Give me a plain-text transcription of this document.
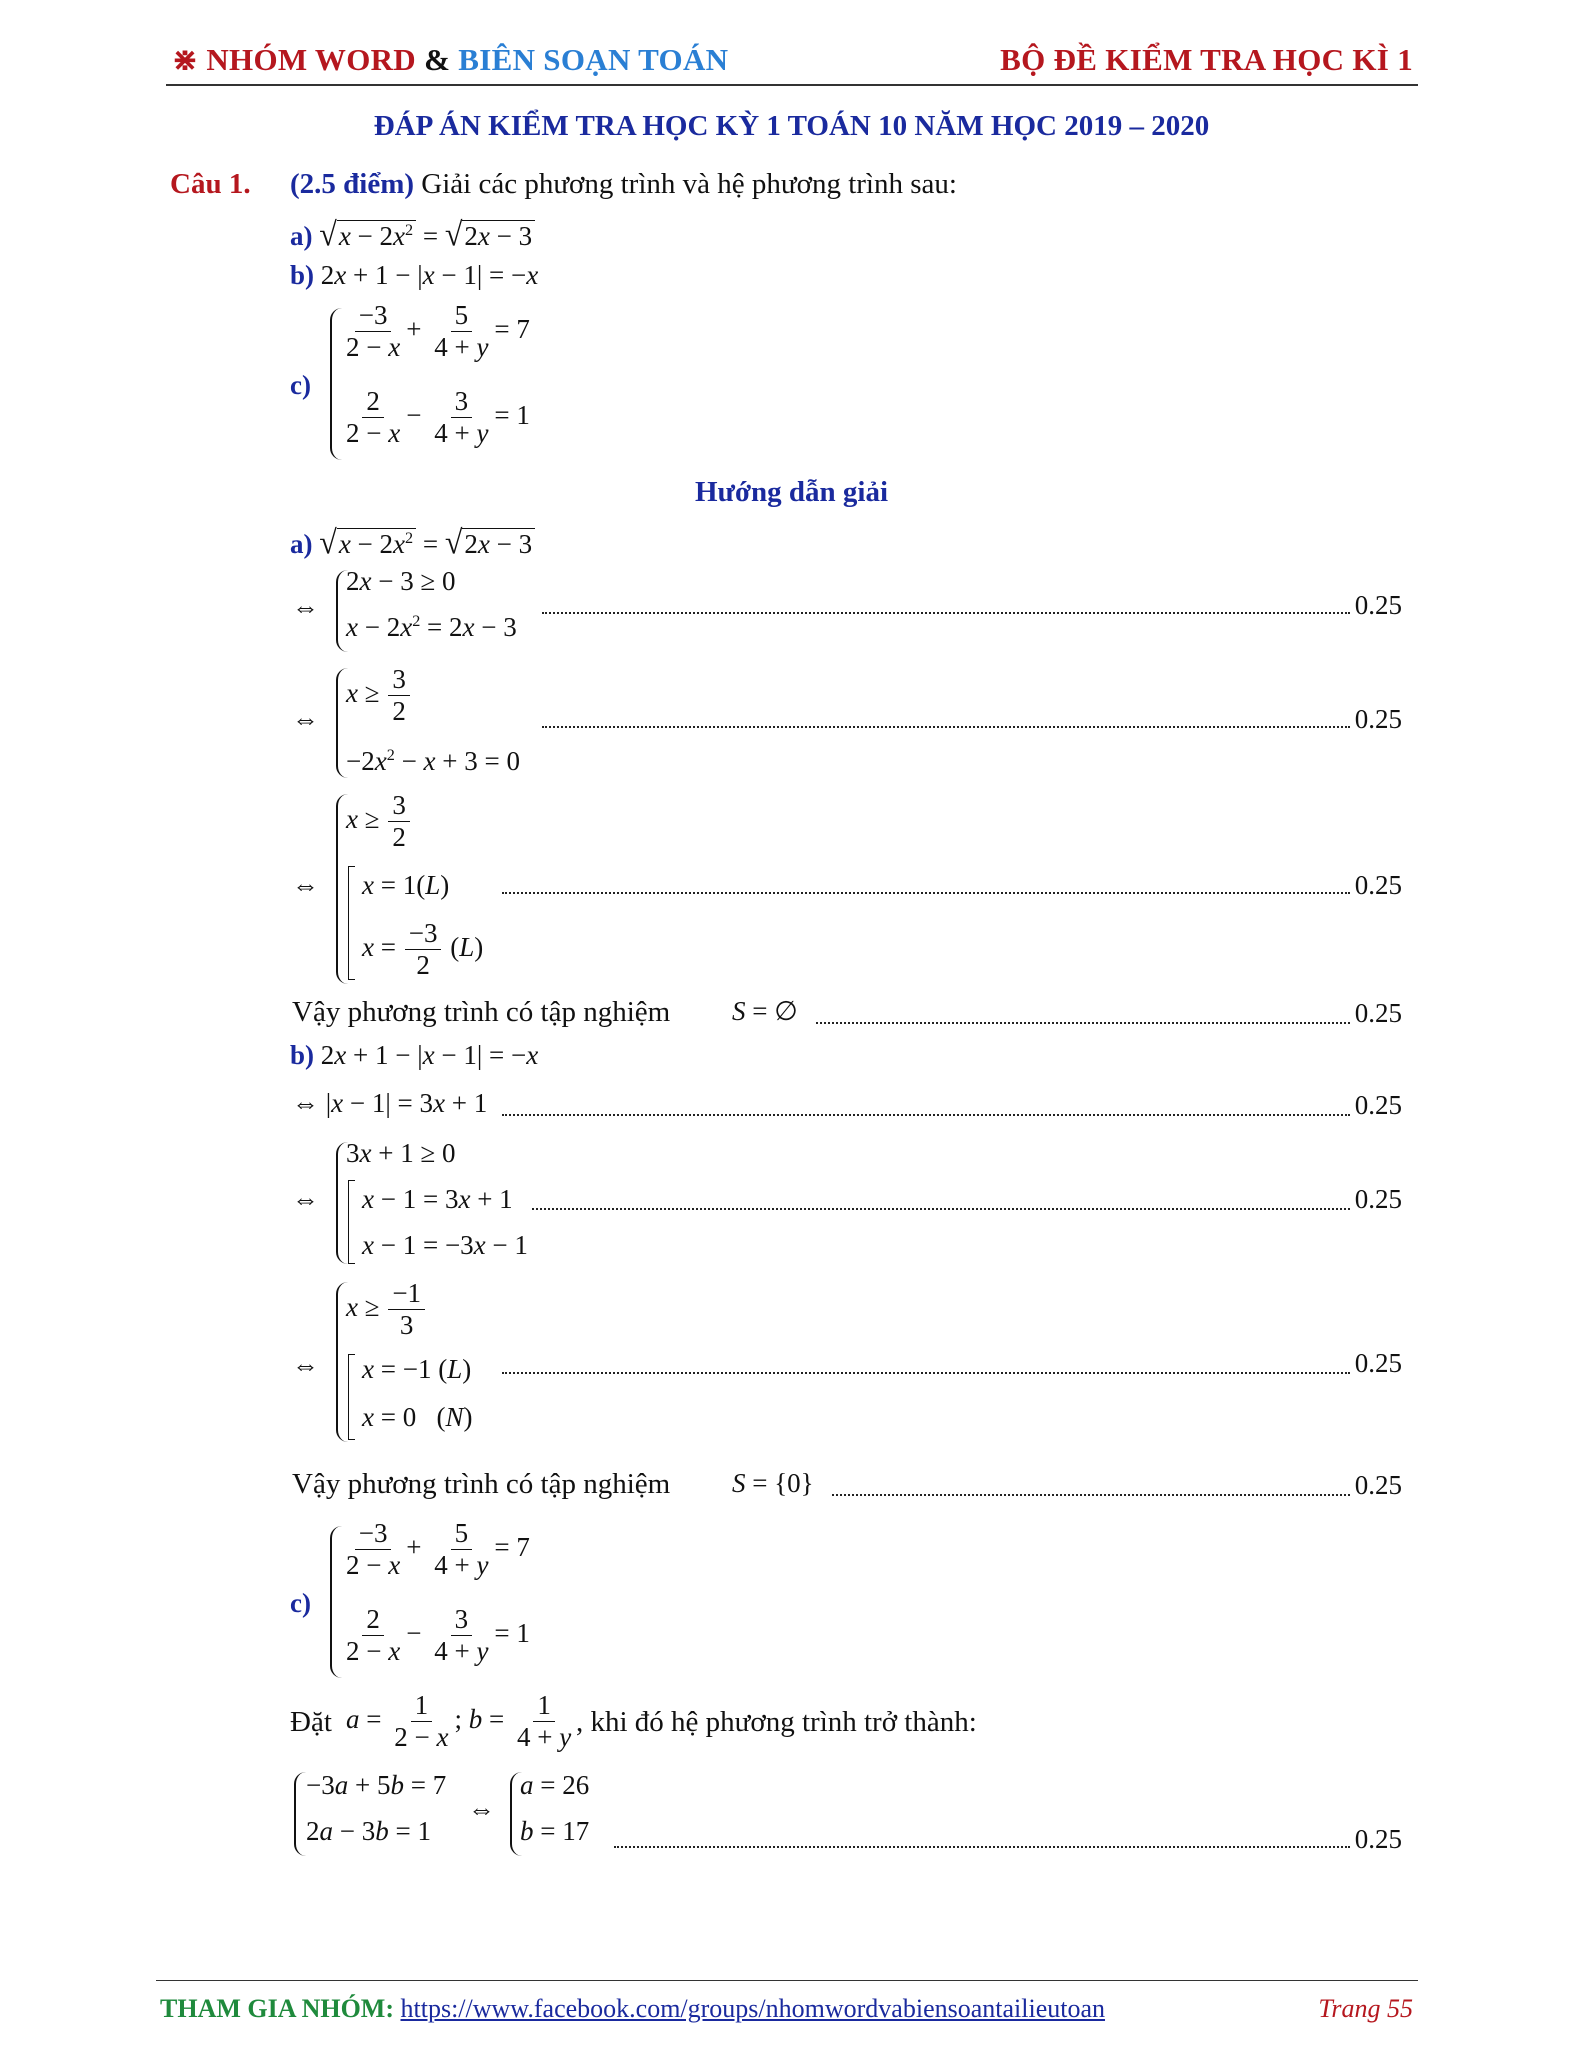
⋇ NHÓM WORD & BIÊN SOẠN TOÁN	BỘ ĐỀ KIỂM TRA HỌC KÌ 1
ĐÁP ÁN KIỂM TRA HỌC KỲ 1 TOÁN 10 NĂM HỌC 2019 – 2020
Câu 1. (2.5 điểm) Giải các phương trình và hệ phương trình sau:
a) $√x - 2x^2 = √2x - 3$
b) 2x + 1 − |x − 1| = −x
c)
$\frac{-3}{2 - x} + \frac{5}{4 + y} = 7$
$\frac{2}{2 - x} - \frac{3}{4 + y} = 1$
Hướng dẫn giải
a) $√x - 2x^2 = √2x - 3$
⇔
2x − 3 ≥ 0
$x - 2x^2 = 2x - 3$
0.25
⇔
$x \ge \frac{3}{2}$
$-2x^2 - x + 3 = 0$
0.25
⇔
$x \ge \frac{3}{2}$
x = 1(L)
$x = \frac{-3}{2} (L)$
0.25
Vậy phương trình có tập nghiệm S = ∅	0.25
b) 2x + 1 − |x − 1| = −x
⇔ |x − 1| = 3x + 1	0.25
⇔
3x + 1 ≥ 0
x − 1 = 3x + 1
x − 1 = −3x − 1
0.25
⇔
$x \ge \frac{-1}{3}$
x = −1 (L)
x = 0   (N)
0.25
Vậy phương trình có tập nghiệm S = {0}	0.25
c)
$\frac{-3}{2 - x} + \frac{5}{4 + y} = 7$
$\frac{2}{2 - x} - \frac{3}{4 + y} = 1$
Đặt $a = \frac{1}{2 - x}$ ; $b = \frac{1}{4 + y}$ , khi đó hệ phương trình trở thành:
−3a + 5b = 7
2a − 3b = 1
⇔
a = 26
b = 17	0.25
THAM GIA NHÓM: https://www.facebook.com/groups/nhomwordvabiensoantailieutoan	Trang 55
